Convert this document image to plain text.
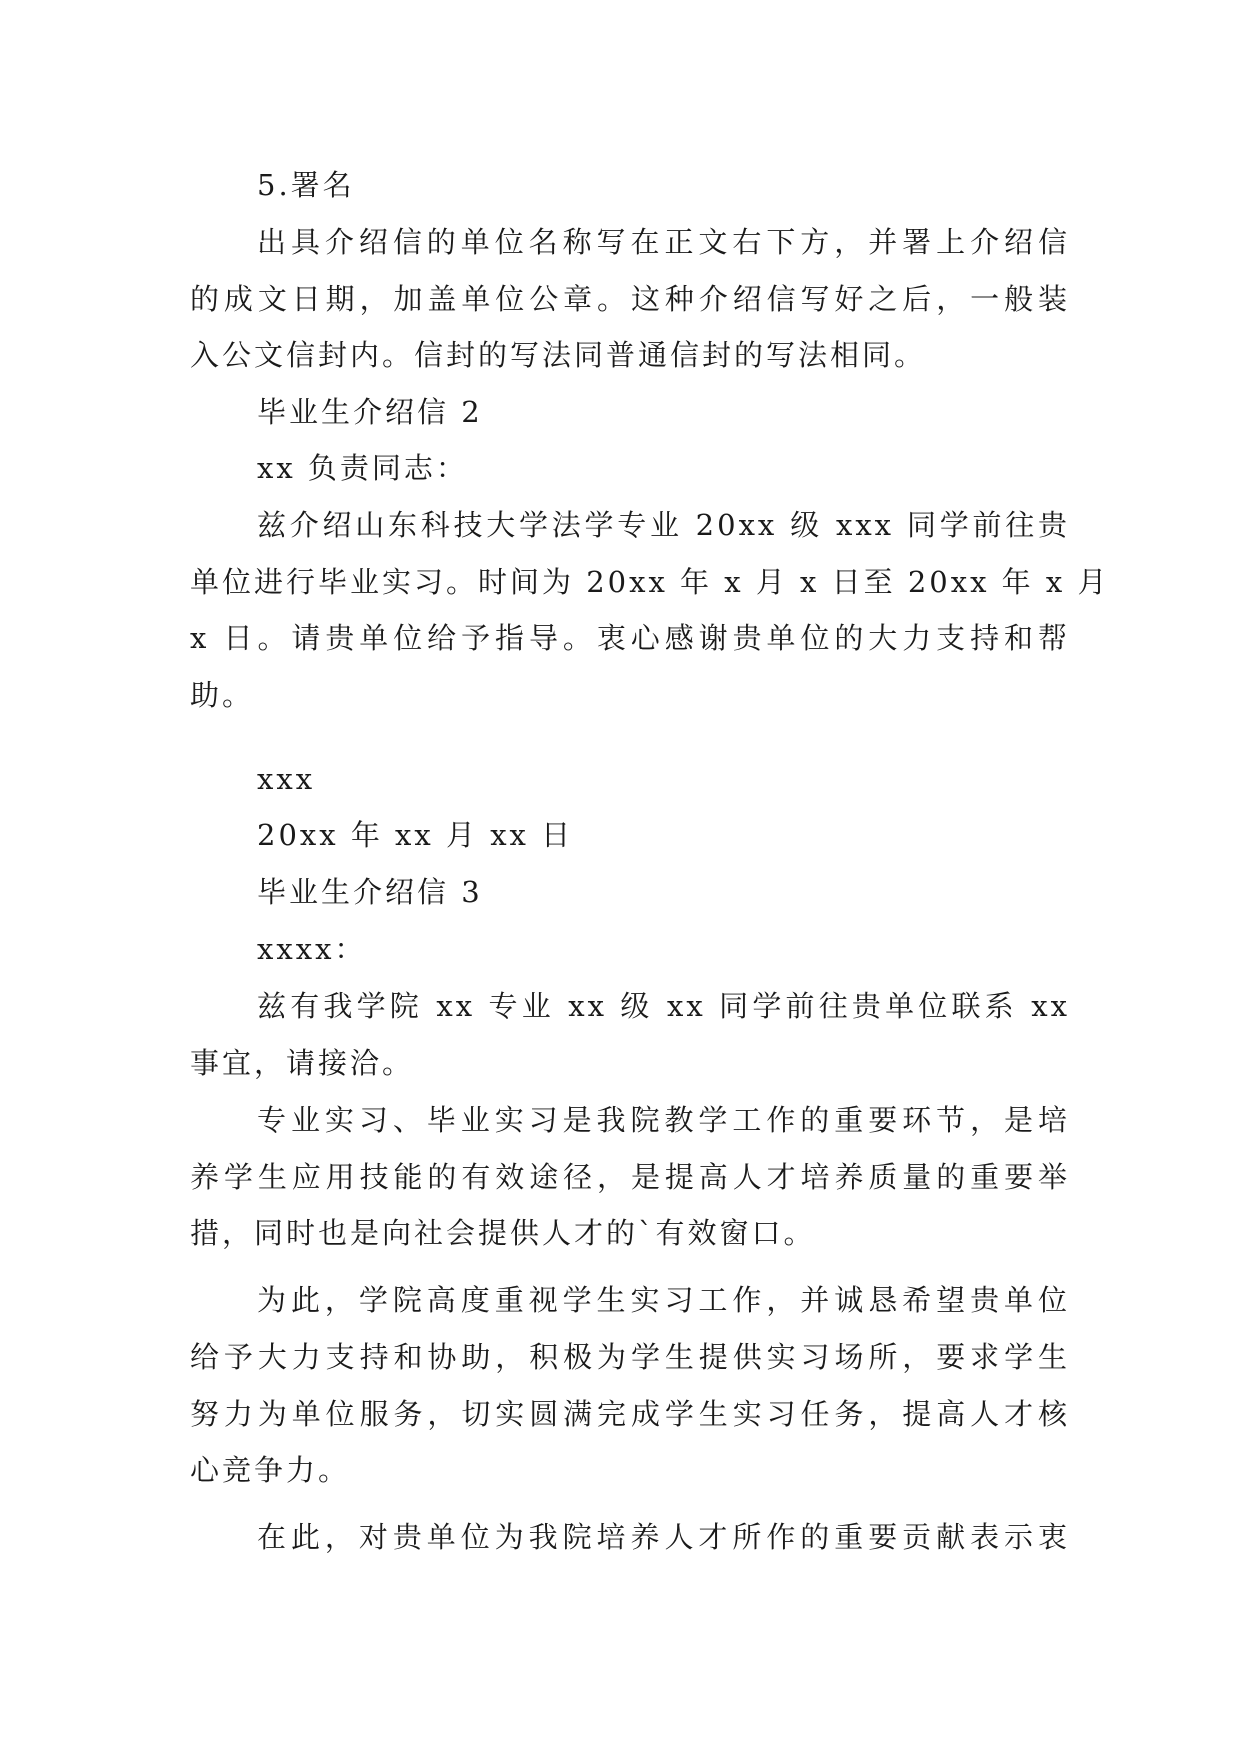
5.署名
出具介绍信的单位名称写在正文右下方，并署上介绍信
的成文日期，加盖单位公章。这种介绍信写好之后，一般装
入公文信封内。信封的写法同普通信封的写法相同。
毕业生介绍信 2
xx 负责同志：
兹介绍山东科技大学法学专业 20xx 级 xxx 同学前往贵
单位进行毕业实习。时间为 20xx 年 x 月 x 日至 20xx 年 x 月
x 日。请贵单位给予指导。衷心感谢贵单位的大力支持和帮
助。
xxx
20xx 年 xx 月 xx 日
毕业生介绍信 3
xxxx：
兹有我学院 xx 专业 xx 级 xx 同学前往贵单位联系 xx
事宜，请接洽。
专业实习、毕业实习是我院教学工作的重要环节，是培
养学生应用技能的有效途径，是提高人才培养质量的重要举
措，同时也是向社会提供人才的`有效窗口。
为此，学院高度重视学生实习工作，并诚恳希望贵单位
给予大力支持和协助，积极为学生提供实习场所，要求学生
努力为单位服务，切实圆满完成学生实习任务，提高人才核
心竞争力。
在此，对贵单位为我院培养人才所作的重要贡献表示衷
